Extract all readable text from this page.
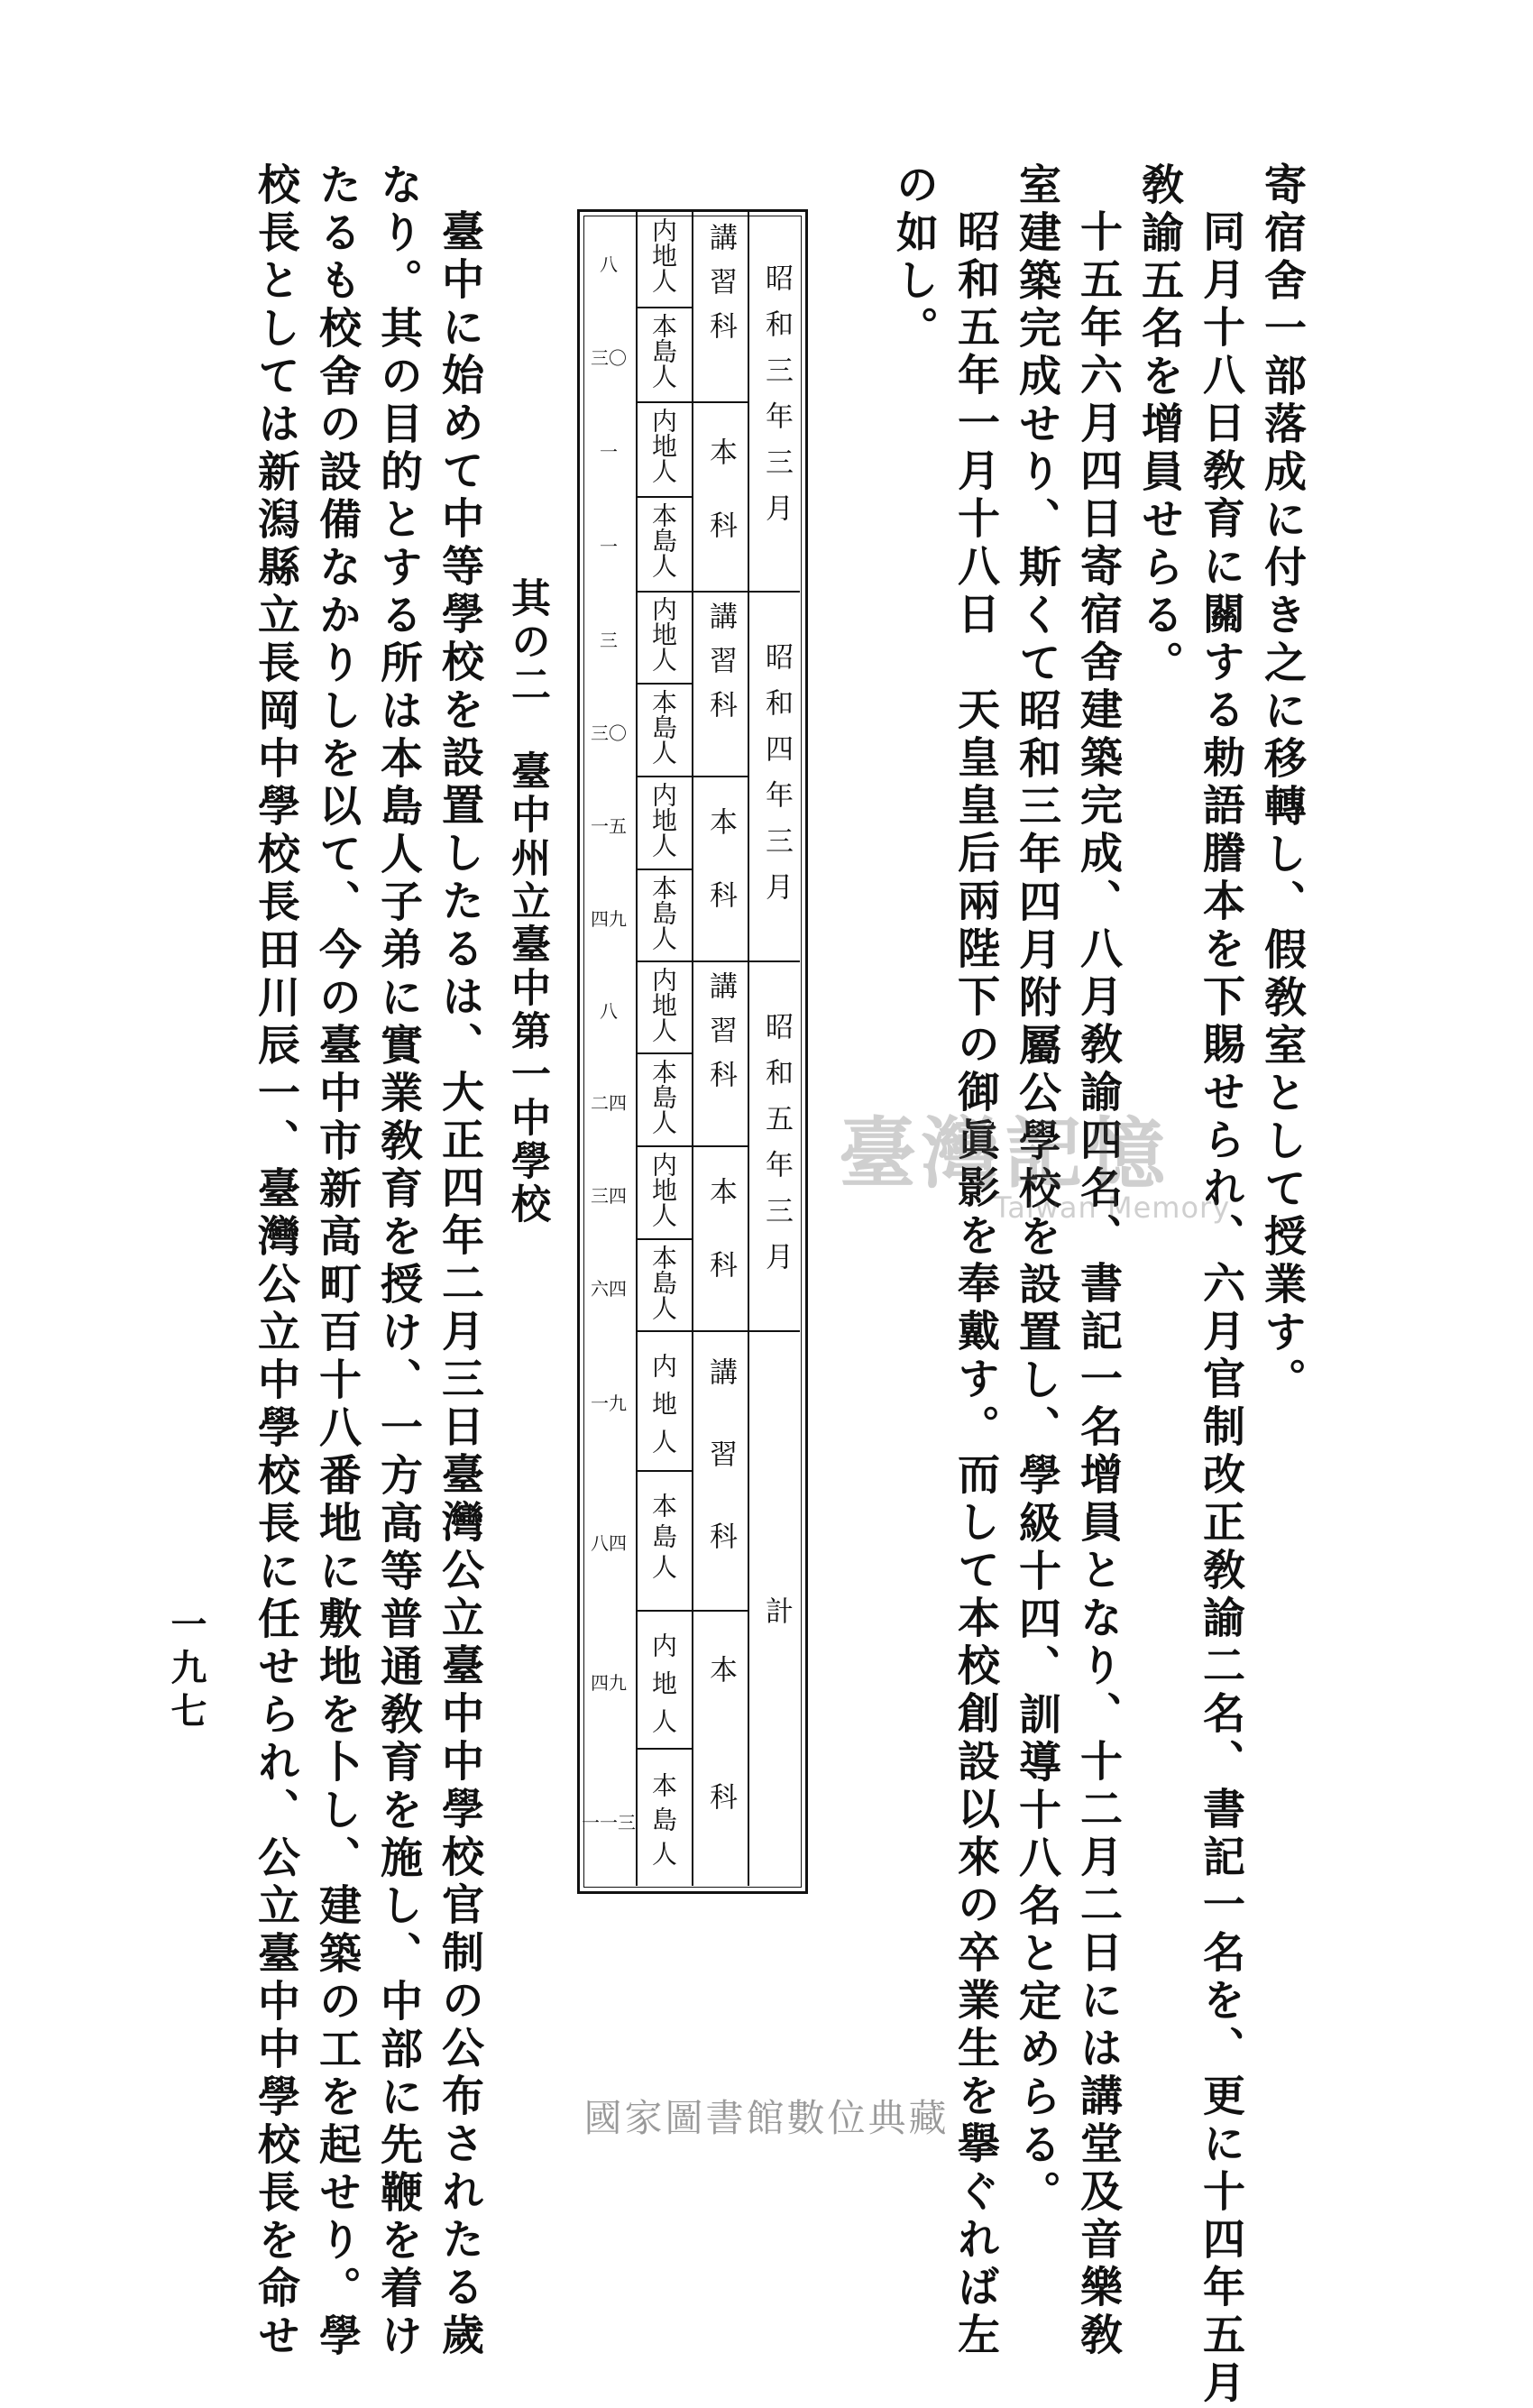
寄宿舍一部落成に付き之に移轉し、假敎室として授業す。
同月十八日敎育に關する勅語謄本を下賜せられ、六月官制改正敎諭二名、書記一名を、更に十四年五月
敎諭五名を增員せらる。
十五年六月四日寄宿舍建築完成、八月敎諭四名、書記一名增員となり、十二月二日には講堂及音樂敎
室建築完成せり、斯くて昭和三年四月附屬公學校を設置し、學級十四、訓導十八名と定めらる。
昭和五年一月十八日　天皇皇后兩陛下の御眞影を奉戴す。而して本校創設以來の卒業生を擧ぐれば左
の如し。
昭和三年三月
昭和四年三月
昭和五年三月
計
講習科
本科
講習科
本科
講習科
本科
講習科
本科
内地人
本島人
内地人
本島人
内地人
本島人
内地人
本島人
内地人
本島人
内地人
本島人
内地人
本島人
内地人
本島人
八
三〇
一
一
三
三〇
一五
四九
八
二四
三四
六四
一九
八四
四九
一一三
其の二　臺中州立臺中第一中學校
臺中に始めて中等學校を設置したるは、大正四年二月三日臺灣公立臺中中學校官制の公布されたる歲
なり。其の目的とする所は本島人子弟に實業敎育を授け、一方高等普通敎育を施し、中部に先鞭を着け
たるも校舍の設備なかりしを以て、今の臺中市新高町百十八番地に敷地を卜し、建築の工を起せり。學
校長としては新潟縣立長岡中學校長田川辰一、臺灣公立中學校長に任せられ、公立臺中中學校長を命せ
一九七
臺灣記憶
Taiwan Memory
國家圖書館數位典藏
